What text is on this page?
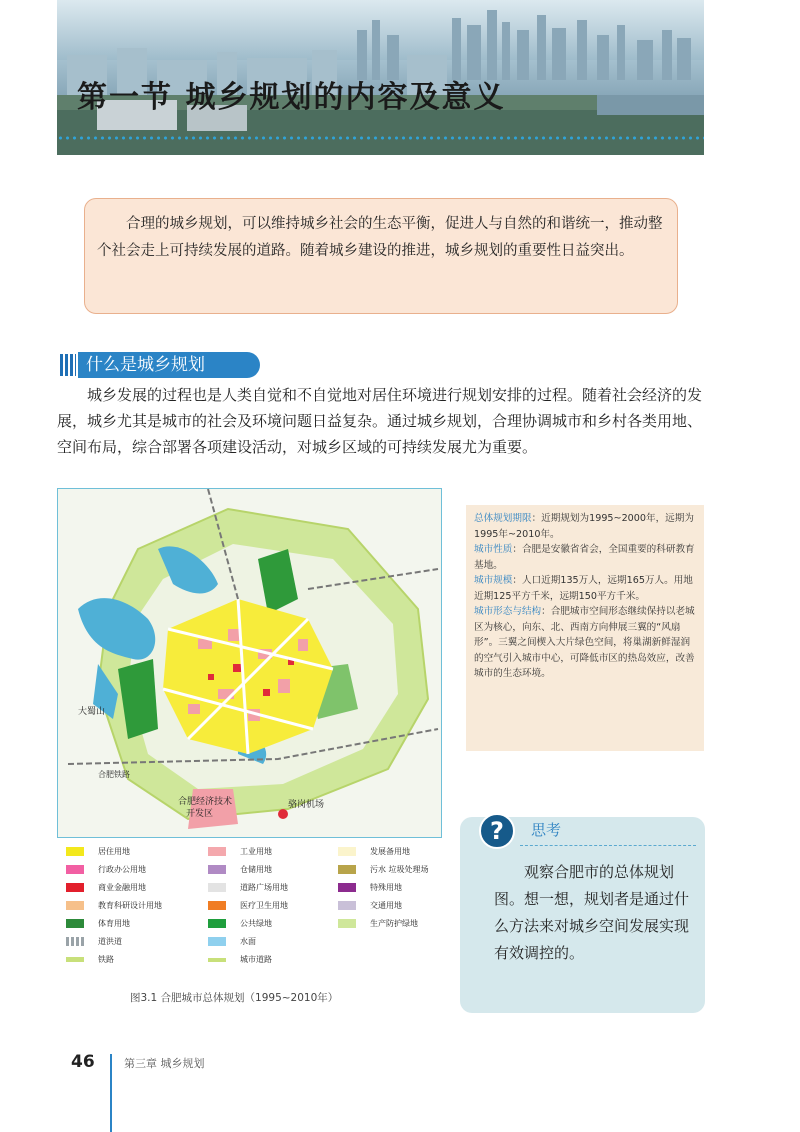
第一节 城乡规划的内容及意义

合理的城乡规划，可以维持城乡社会的生态平衡，促进人与自然的和谐统一，推动整个社会走上可持续发展的道路。随着城乡建设的推进，城乡规划的重要性日益突出。

什么是城乡规划

城乡发展的过程也是人类自觉和不自觉地对居住环境进行规划安排的过程。随着社会经济的发展，城乡尤其是城市的社会及环境问题日益复杂。通过城乡规划，合理协调城市和乡村各类用地、空间布局，综合部署各项建设活动，对城乡区域的可持续发展尤为重要。

大蜀山
骆岗机场
合肥经济技术
开发区
合肥铁路
居住用地	工业用地	发展备用地
行政办公用地	仓储用地	污水 垃圾处理场
商业金融用地	道路广场用地	特殊用地
教育科研设计用地	医疗卫生用地	交通用地
体育用地	公共绿地	生产防护绿地
道洪道	水面
铁路	城市道路
图3.1 合肥城市总体规划（1995~2010年）

总体规划期限：近期规划为1995~2000年，远期为1995年~2010年。

城市性质：合肥是安徽省省会，全国重要的科研教育基地。

城市规模：人口近期135万人，远期165万人。用地近期125平方千米，远期150平方千米。

城市形态与结构：合肥城市空间形态继续保持以老城区为核心，向东、北、西南方向伸展三翼的“风扇形”。三翼之间楔入大片绿色空间，将巢湖新鲜湿润的空气引入城市中心，可降低市区的热岛效应，改善城市的生态环境。

?	思考

观察合肥市的总体规划图。想一想，规划者是通过什么方法来对城乡空间发展实现有效调控的。

46	第三章 城乡规划
